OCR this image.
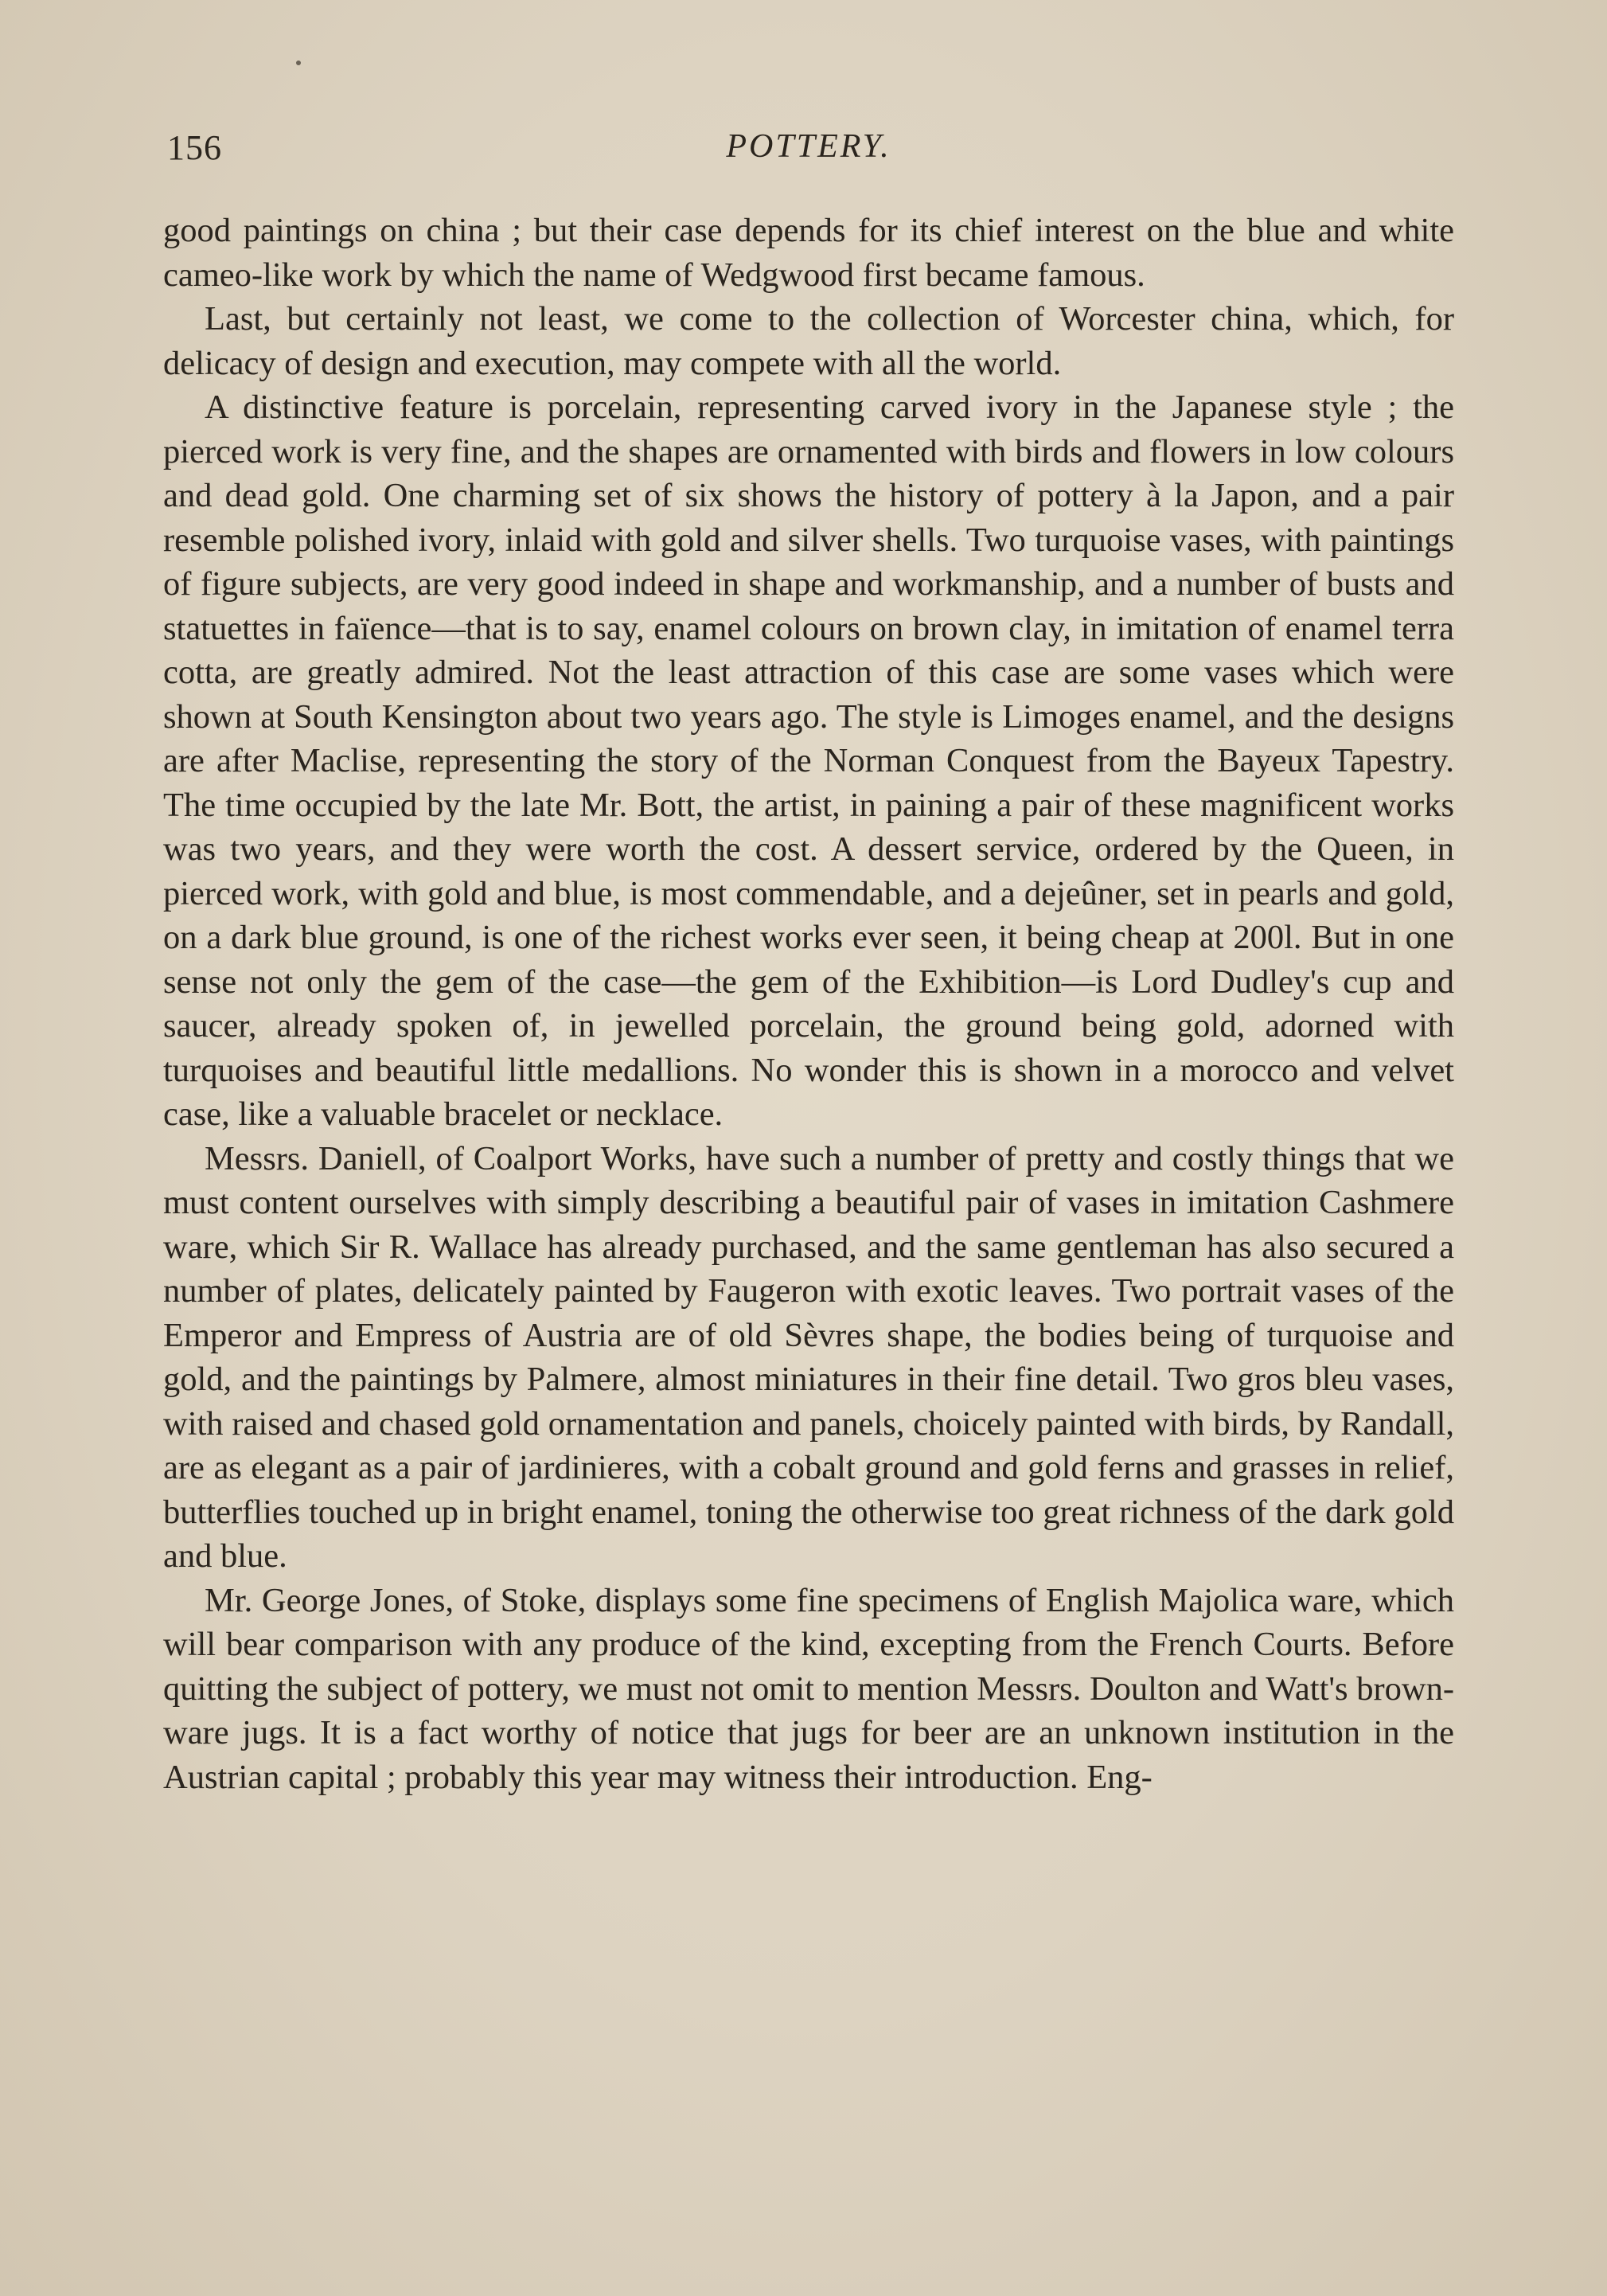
156	POTTERY.

good paintings on china ; but their case depends for its chief interest on the blue and white cameo-like work by which the name of Wedgwood first became famous.

Last, but certainly not least, we come to the collection of Worcester china, which, for delicacy of design and execution, may compete with all the world.

A distinctive feature is porcelain, representing carved ivory in the Japanese style ; the pierced work is very fine, and the shapes are ornamented with birds and flowers in low colours and dead gold. One charming set of six shows the history of pottery à la Japon, and a pair resemble polished ivory, inlaid with gold and silver shells. Two turquoise vases, with paintings of figure subjects, are very good indeed in shape and workmanship, and a number of busts and statuettes in faïence—that is to say, enamel colours on brown clay, in imitation of enamel terra cotta, are greatly admired. Not the least attraction of this case are some vases which were shown at South Kensington about two years ago. The style is Limoges enamel, and the designs are after Maclise, representing the story of the Norman Conquest from the Bayeux Tapestry. The time occupied by the late Mr. Bott, the artist, in paining a pair of these magnificent works was two years, and they were worth the cost. A dessert service, ordered by the Queen, in pierced work, with gold and blue, is most commendable, and a dejeûner, set in pearls and gold, on a dark blue ground, is one of the richest works ever seen, it being cheap at 200l. But in one sense not only the gem of the case—the gem of the Exhibition—is Lord Dudley's cup and saucer, already spoken of, in jewelled porcelain, the ground being gold, adorned with turquoises and beautiful little medallions. No wonder this is shown in a morocco and velvet case, like a valuable bracelet or necklace.

Messrs. Daniell, of Coalport Works, have such a number of pretty and costly things that we must content ourselves with simply describing a beautiful pair of vases in imitation Cashmere ware, which Sir R. Wallace has already purchased, and the same gentleman has also secured a number of plates, delicately painted by Faugeron with exotic leaves. Two portrait vases of the Emperor and Empress of Austria are of old Sèvres shape, the bodies being of turquoise and gold, and the paintings by Palmere, almost miniatures in their fine detail. Two gros bleu vases, with raised and chased gold ornamentation and panels, choicely painted with birds, by Randall, are as elegant as a pair of jardinieres, with a cobalt ground and gold ferns and grasses in relief, butterflies touched up in bright enamel, toning the otherwise too great richness of the dark gold and blue.

Mr. George Jones, of Stoke, displays some fine specimens of English Majolica ware, which will bear comparison with any produce of the kind, excepting from the French Courts. Before quitting the subject of pottery, we must not omit to mention Messrs. Doulton and Watt's brown-ware jugs. It is a fact worthy of notice that jugs for beer are an unknown institution in the Austrian capital ; probably this year may witness their introduction. Eng-
